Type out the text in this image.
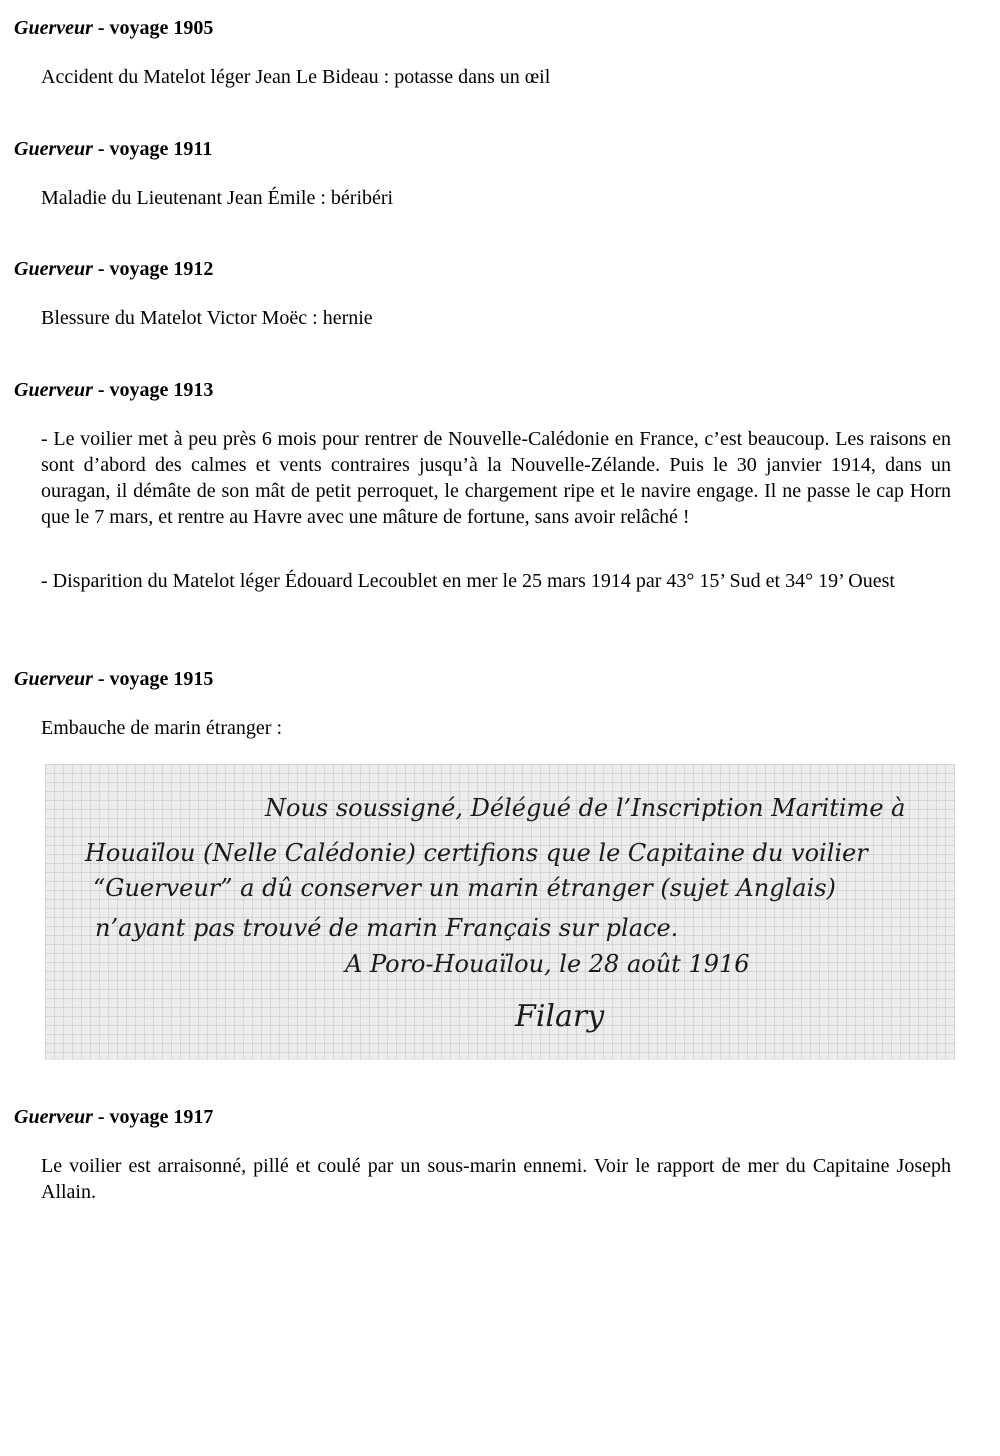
Guerveur - voyage 1905

Accident du Matelot léger Jean Le Bideau : potasse dans un œil

Guerveur - voyage 1911

Maladie du Lieutenant Jean Émile : béribéri

Guerveur - voyage 1912

Blessure du Matelot Victor Moëc : hernie

Guerveur - voyage 1913

- Le voilier met à peu près 6 mois pour rentrer de Nouvelle-Calédonie en France, c’est beaucoup. Les raisons en sont d’abord des calmes et vents contraires jusqu’à la Nouvelle-Zélande. Puis le 30 janvier 1914, dans un ouragan, il démâte de son mât de petit perroquet, le chargement ripe et le navire engage. Il ne passe le cap Horn que le 7 mars, et rentre au Havre avec une mâture de fortune, sans avoir relâché !

- Disparition du Matelot léger Édouard Lecoublet en mer le 25 mars 1914 par 43° 15’ Sud et 34° 19’ Ouest

Guerveur - voyage 1915

Embauche de marin étranger :

Nous soussigné, Délégué de l’Inscription Maritime à
Houaïlou (Nelle Calédonie) certifions que le Capitaine du voilier
“Guerveur” a dû conserver un marin étranger (sujet Anglais)
n’ayant pas trouvé de marin Français sur place.
A Poro-Houaïlou, le 28 août 1916
Filary
Guerveur - voyage 1917

Le voilier est arraisonné, pillé et coulé par un sous-marin ennemi. Voir le rapport de mer du Capitaine Joseph Allain.
